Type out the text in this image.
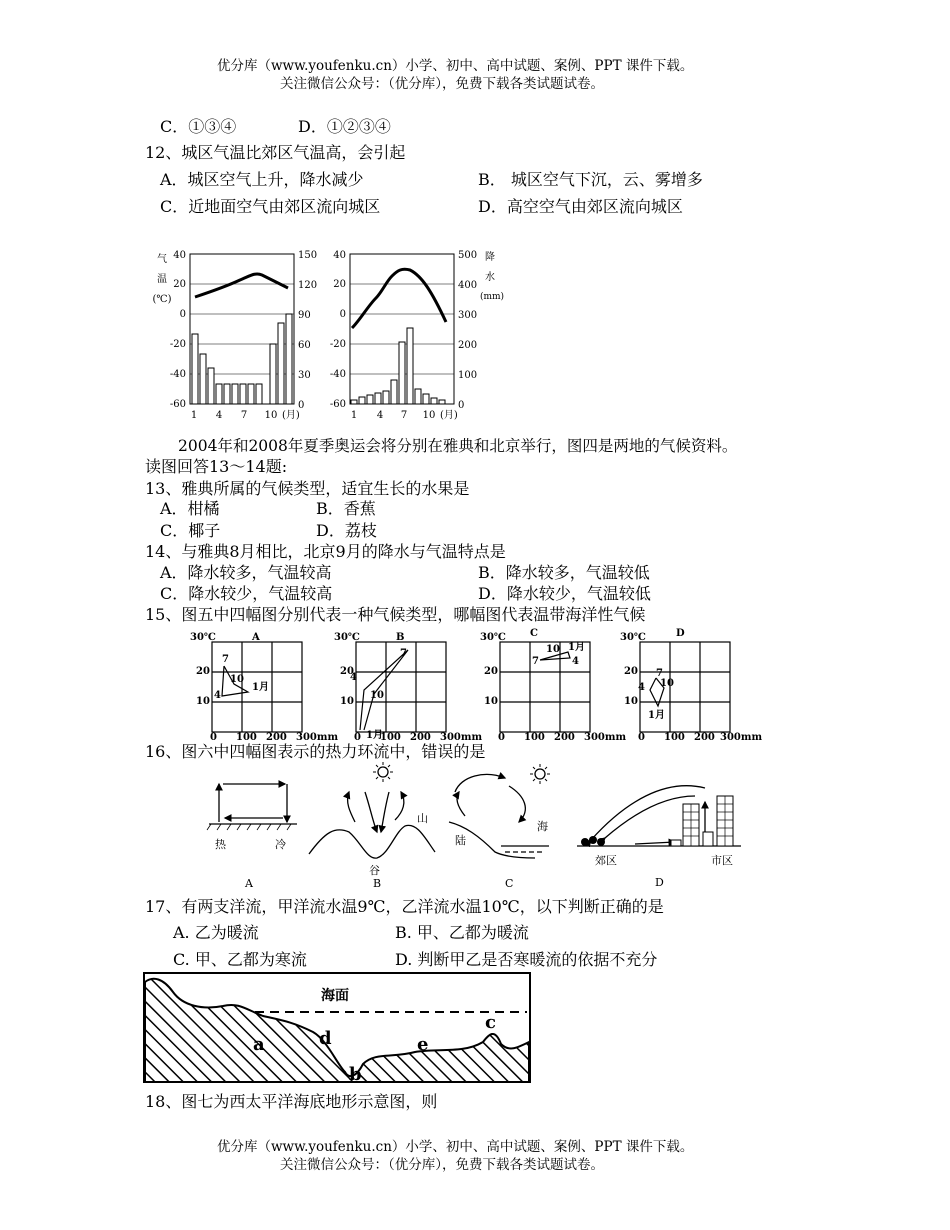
优分库（www.youfenku.cn）小学、初中、高中试题、案例、PPT 课件下载。
关注微信公众号：（优分库），免费下载各类试题试卷。
C．①③④	D．①②③④
12、城区气温比郊区气温高，会引起
A．城区空气上升，降水减少	B． 城区空气下沉，云、雾增多
C．近地面空气由郊区流向城区	D．高空空气由郊区流向城区
气
温
(℃)
40
20
0
-20
-40
-60
150
120
90
60
30
0
1 4 7 10 (月)
40
20
0
-20
-40
-60
500
400
300
200
100
0
降
水
(mm)
1 4 7 10 (月)
2004年和2008年夏季奥运会将分别在雅典和北京举行，图四是两地的气候资料。
读图回答13～14题:
13、雅典所属的气候类型，适宜生长的水果是
A．柑橘	B．香蕉
C．椰子	D．荔枝
14、与雅典8月相比，北京9月的降水与气温特点是
A．降水较多，气温较高	B．降水较多，气温较低
C．降水较少，气温较高	D．降水较少，气温较低
15、图五中四幅图分别代表一种气候类型，哪幅图代表温带海洋性气候
30℃	A
20
10
0 100 200 300mm
7
10
4
1月
30℃	B
20
10
0 100 200 300mm
7
10
4
1月
30℃ C
20
10
0 100 200 300mm
10 1月
7	4
30℃	D
20
10
0 100 200 300mm
7
10
4
1月
16、图六中四幅图表示的热力环流中，错误的是
热	冷
A
山
谷
B
陆
海
C
郊区	市区
D
17、有两支洋流，甲洋流水温9℃，乙洋流水温10℃，以下判断正确的是
A. 乙为暖流	B. 甲、乙都为暖流
C. 甲、乙都为寒流	D. 判断甲乙是否寒暖流的依据不充分
海面
a	d
b
e
c
18、图七为西太平洋海底地形示意图，则
优分库（www.youfenku.cn）小学、初中、高中试题、案例、PPT 课件下载。
关注微信公众号：（优分库），免费下载各类试题试卷。
